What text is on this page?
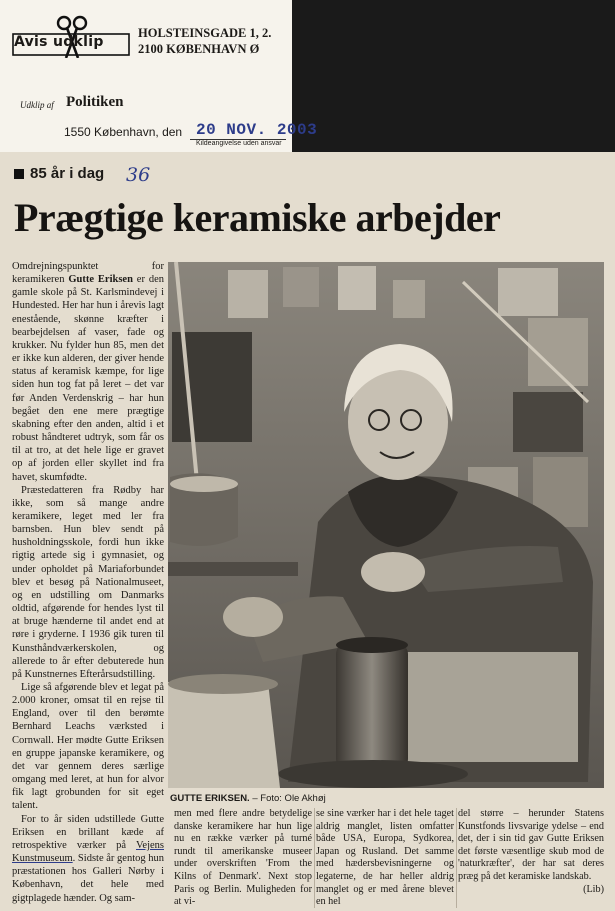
Avis udklip
HOLSTEINSGADE 1, 2.
2100 KØBENHAVN Ø
Udklip af Politiken
1550 København, den 20 NOV. 2003
Kildeangivelse uden ansvar
85 år i dag 36
Prægtige keramiske arbejder

Omdrejningspunktet for keramikeren Gutte Eriksen er den gamle skole på St. Karlsmindevej i Hundested. Her har hun i årevis lagt enestående, skønne kræfter i bearbejdelsen af vaser, fade og krukker. Nu fylder hun 85, men det er ikke kun alderen, der giver hende status af keramisk kæmpe, for lige siden hun tog fat på leret – det var før Anden Verdenskrig – har hun begået den ene mere prægtige skabning efter den anden, altid i et robust håndteret udtryk, som får os til at tro, at det hele lige er gravet op af jorden eller skyllet ind fra havet, skumfødte.

Præstedatteren fra Rødby har ikke, som så mange andre keramikere, leget med ler fra barnsben. Hun blev sendt på husholdningsskole, fordi hun ikke rigtig artede sig i gymnasiet, og under opholdet på Mariaforbundet blev et besøg på Nationalmuseet, og en udstilling om Danmarks oldtid, afgørende for hendes lyst til at bruge hænderne til andet end at røre i gryderne. I 1936 gik turen til Kunsthåndværkerskolen, og allerede to år efter debuterede hun på Kunstnernes Efterårsudstilling.

Lige så afgørende blev et legat på 2.000 kroner, omsat til en rejse til England, over til den berømte Bernhard Leachs værksted i Cornwall. Her mødte Gutte Eriksen en gruppe japanske keramikere, og det var gennem deres særlige omgang med leret, at hun for alvor fik lagt grobunden for sit eget talent.

For to år siden udstillede Gutte Eriksen en brillant kæde af retrospektive værker på Vejens Kunstmuseum. Sidste år gentog hun præstationen hos Galleri Nørby i København, det hele med gigtplagede hænder. Og sam-

GUTTE ERIKSEN. – Foto: Ole Akhøj
men med flere andre betydelige danske keramikere har hun lige nu en række værker på turné rundt til amerikanske museer under overskriften 'From the Kilns of Denmark'. Next stop Paris og Berlin. Muligheden for at vi-
se sine værker har i det hele taget aldrig manglet, listen omfatter både USA, Europa, Sydkorea, Japan og Rusland. Det samme med hædersbevisningerne og legaterne, de har heller aldrig manglet og er med årene blevet en hel
del større – herunder Statens Kunstfonds livsvarige ydelse – end det, der i sin tid gav Gutte Eriksen det første væsentlige skub mod de 'naturkræfter', der har sat deres præg på det keramiske landskab.
(Lib)
